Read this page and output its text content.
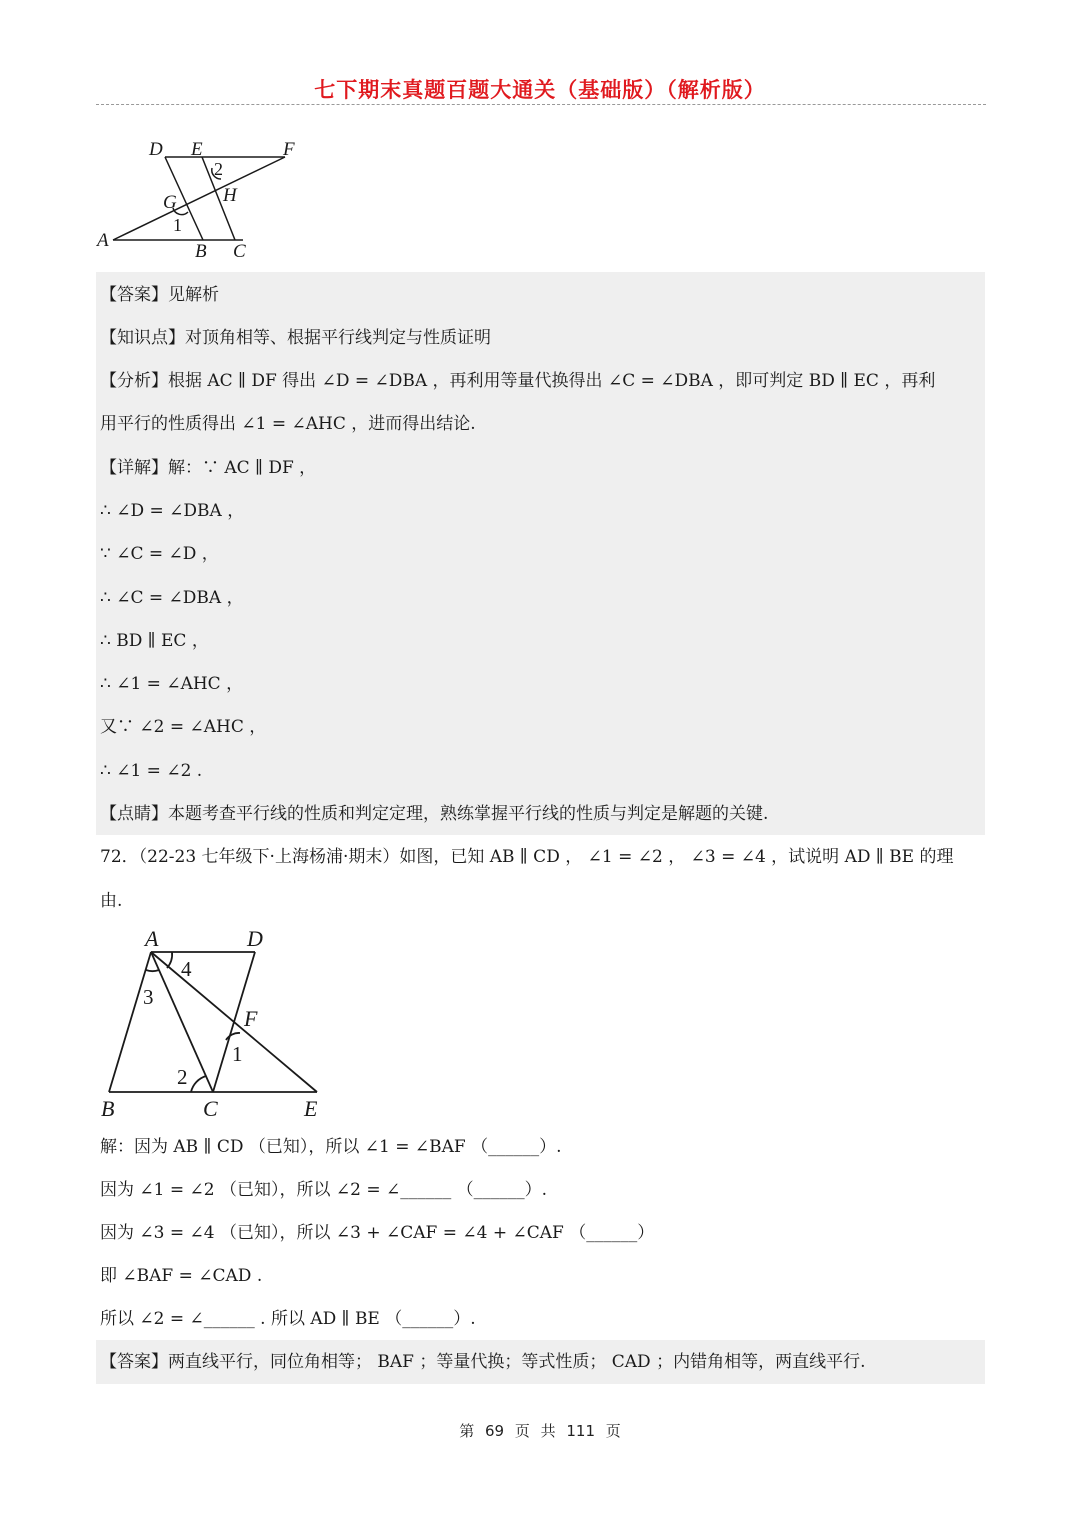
七下期末真题百题大通关（基础版）（解析版）
D E	F
G H
A
B C
1
2
【答案】见解析
【知识点】对顶角相等、根据平行线判定与性质证明
【分析】根据 AC ∥ DF 得出 ∠D = ∠DBA ，再利用等量代换得出 ∠C = ∠DBA ，即可判定 BD ∥ EC ，再利
用平行的性质得出 ∠1 = ∠AHC ，进而得出结论.
【详解】解：∵ AC ∥ DF ，
∴ ∠D = ∠DBA ，
∵ ∠C = ∠D ，
∴ ∠C = ∠DBA ，
∴ BD ∥ EC ，
∴ ∠1 = ∠AHC ，
又∵ ∠2 = ∠AHC ，
∴ ∠1 = ∠2 .
【点睛】本题考查平行线的性质和判定定理，熟练掌握平行线的性质与判定是解题的关键.
72．（22-23 七年级下·上海杨浦·期末）如图，已知 AB ∥ CD ， ∠1 = ∠2 ， ∠3 = ∠4 ，试说明 AD ∥ BE 的理
由.
A	D
F
B	C	E
1
2
3
4
解：因为 AB ∥ CD （已知），所以 ∠1 = ∠BAF （______）.
因为 ∠1 = ∠2 （已知），所以 ∠2 = ∠______ （______）.
因为 ∠3 = ∠4 （已知），所以 ∠3 + ∠CAF = ∠4 + ∠CAF （______）
即 ∠BAF = ∠CAD .
所以 ∠2 = ∠______ . 所以 AD ∥ BE （______）.
【答案】两直线平行，同位角相等； BAF ；等量代换；等式性质； CAD ；内错角相等，两直线平行.
第 69 页 共 111 页
